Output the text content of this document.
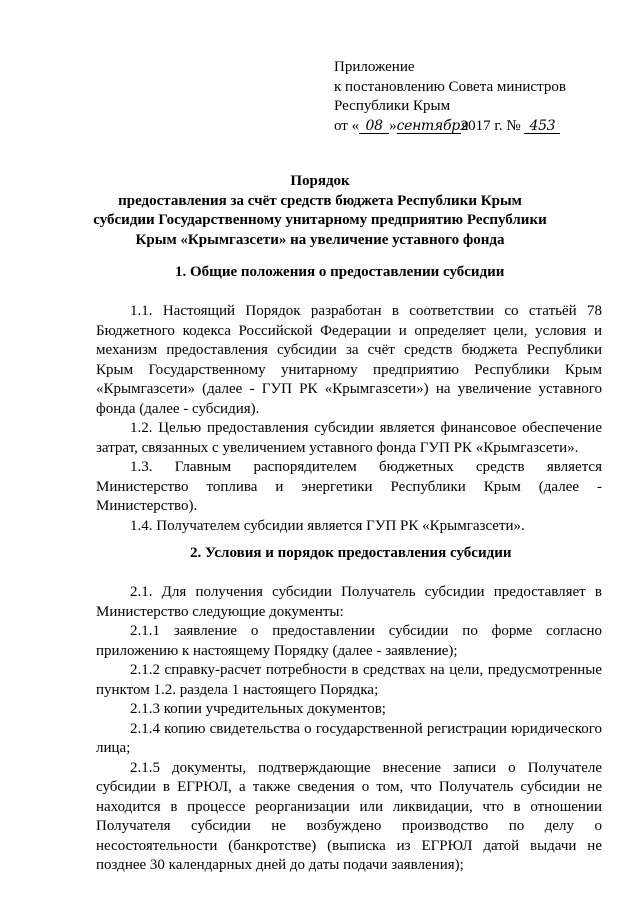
Приложение
к постановлению Совета министров
Республики Крым
от « 08 »сентября2017 г. № 453
Порядок
предоставления за счёт средств бюджета Республики Крым
субсидии Государственному унитарному предприятию Республики
Крым «Крымгазсети» на увеличение уставного фонда
1. Общие положения о предоставлении субсидии

1.1. Настоящий Порядок разработан в соответствии со статьёй 78 Бюджетного кодекса Российской Федерации и определяет цели, условия и механизм предоставления субсидии за счёт средств бюджета Республики Крым Государственному унитарному предприятию Республики Крым «Крымгазсети» (далее - ГУП РК «Крымгазсети») на увеличение уставного фонда (далее - субсидия).

1.2. Целью предоставления субсидии является финансовое обеспечение затрат, связанных с увеличением уставного фонда ГУП РК «Крымгазсети».

1.3. Главным распорядителем бюджетных средств является Министерство топлива и энергетики Республики Крым (далее - Министерство).

1.4. Получателем субсидии является ГУП РК «Крымгазсети».

2. Условия и порядок предоставления субсидии

2.1. Для получения субсидии Получатель субсидии предоставляет в Министерство следующие документы:

2.1.1 заявление о предоставлении субсидии по форме согласно приложению к настоящему Порядку (далее - заявление);

2.1.2 справку-расчет потребности в средствах на цели, предусмотренные пунктом 1.2. раздела 1 настоящего Порядка;

2.1.3 копии учредительных документов;

2.1.4 копию свидетельства о государственной регистрации юридического лица;

2.1.5 документы, подтверждающие внесение записи о Получателе субсидии в ЕГРЮЛ, а также сведения о том, что Получатель субсидии не находится в процессе реорганизации или ликвидации, что в отношении Получателя субсидии не возбуждено производство по делу о несостоятельности (банкротстве) (выписка из ЕГРЮЛ датой выдачи не позднее 30 календарных дней до даты подачи заявления);
